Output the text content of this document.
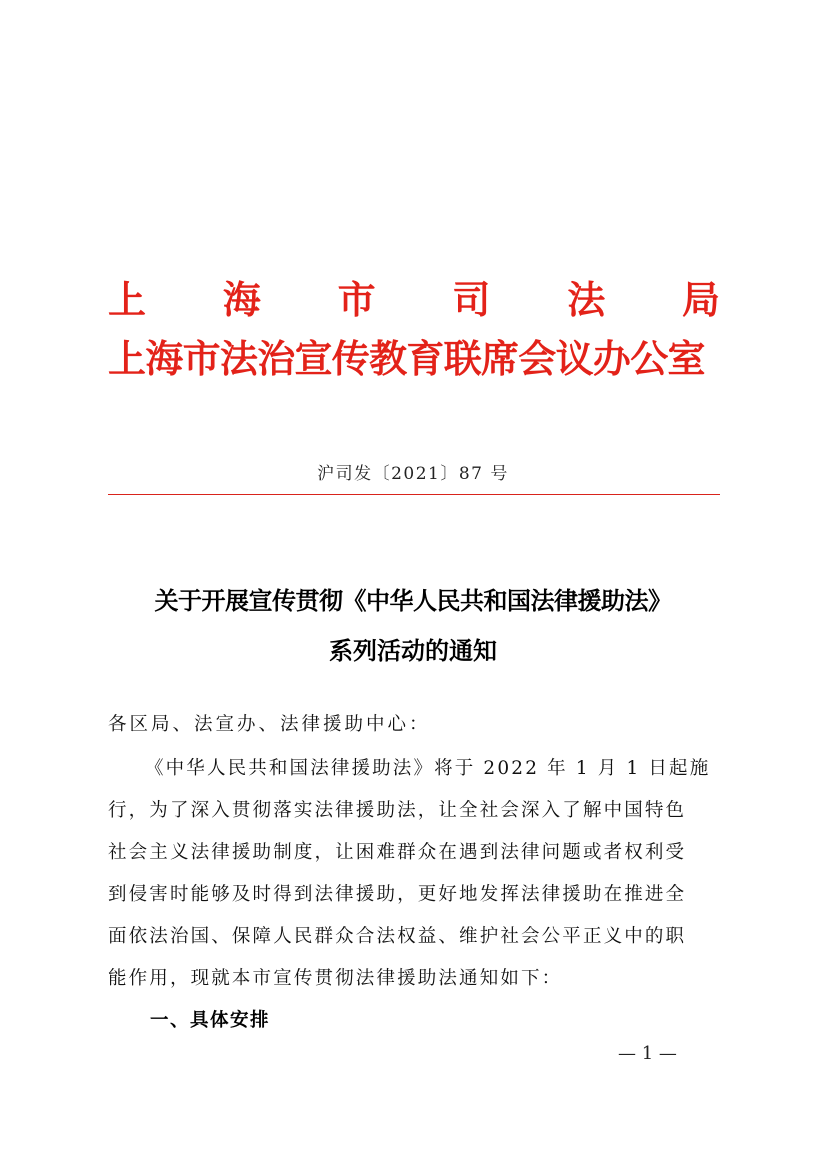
上 海 市 司 法 局
上海市法治宣传教育联席会议办公室
沪司发〔2021〕87 号
关于开展宣传贯彻《中华人民共和国法律援助法》
系列活动的通知
各区局、法宣办、法律援助中心：
《中华人民共和国法律援助法》将于 2022 年 1 月 1 日起施
行，为了深入贯彻落实法律援助法，让全社会深入了解中国特色
社会主义法律援助制度，让困难群众在遇到法律问题或者权利受
到侵害时能够及时得到法律援助，更好地发挥法律援助在推进全
面依法治国、保障人民群众合法权益、维护社会公平正义中的职
能作用，现就本市宣传贯彻法律援助法通知如下：
一、具体安排
— 1 —
